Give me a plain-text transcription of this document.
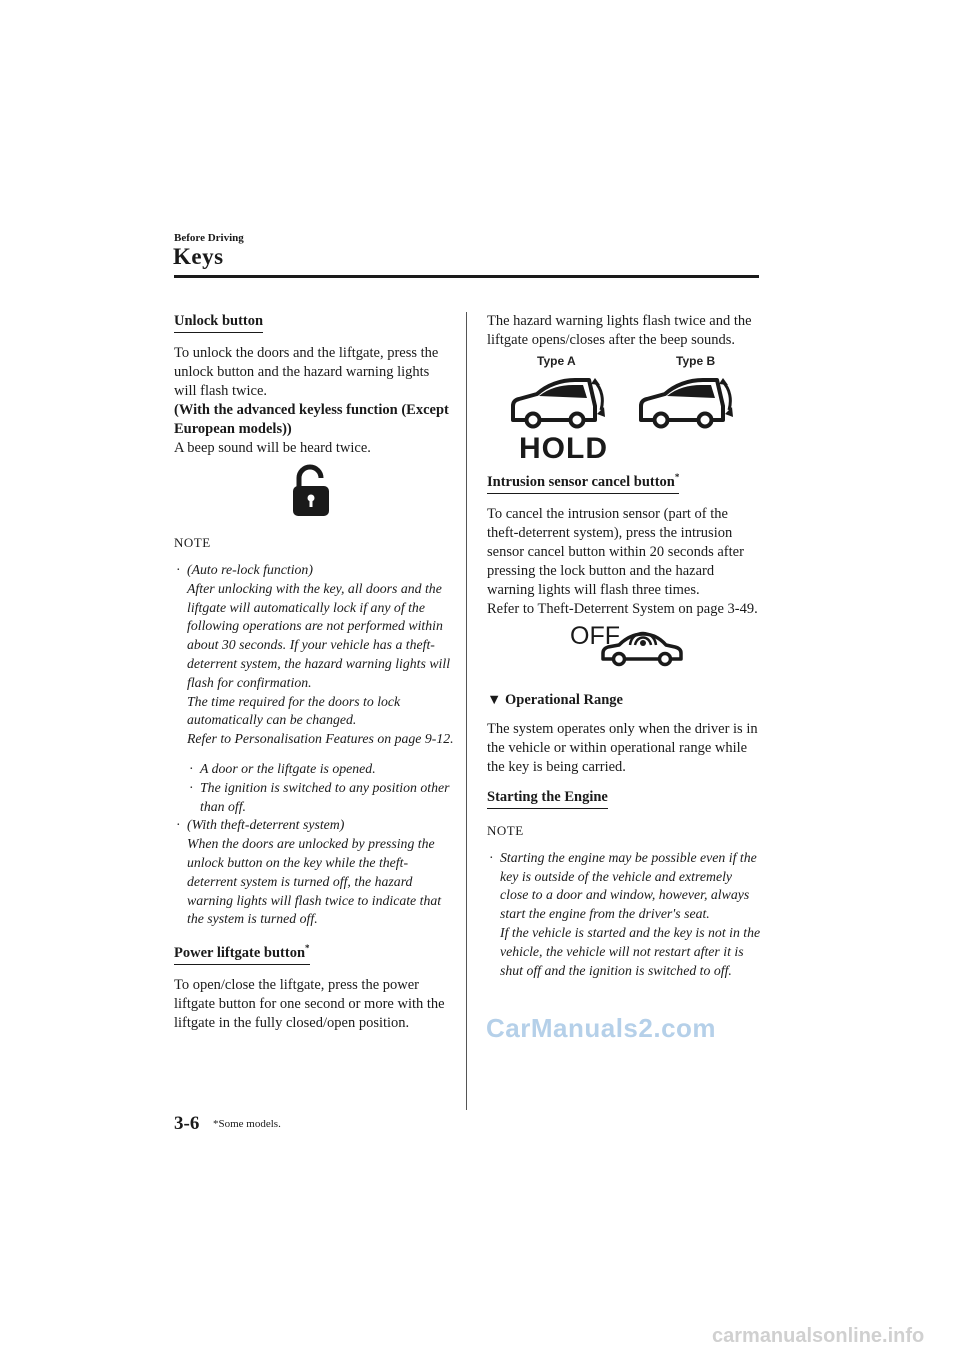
Before Driving
Keys
Unlock button

To unlock the doors and the liftgate, press the unlock button and the hazard warning lights will flash twice.

(With the advanced keyless function (Except European models))

A beep sound will be heard twice.

NOTE
· (Auto re-lock function)
After unlocking with the key, all doors and the liftgate will automatically lock if any of the following operations are not performed within about 30 seconds. If your vehicle has a theft-deterrent system, the hazard warning lights will flash for confirmation.
The time required for the doors to lock automatically can be changed.
Refer to Personalisation Features on page 9-12.
· A door or the liftgate is opened.
· The ignition is switched to any position other than off.
· (With theft-deterrent system)
When the doors are unlocked by pressing the unlock button on the key while the theft-deterrent system is turned off, the hazard warning lights will flash twice to indicate that the system is turned off.
Power liftgate button*

To open/close the liftgate, press the power liftgate button for one second or more with the liftgate in the fully closed/open position.

The hazard warning lights flash twice and the liftgate opens/closes after the beep sounds.

Type A	Type B
HOLD
Intrusion sensor cancel button*

To cancel the intrusion sensor (part of the theft-deterrent system), press the intrusion sensor cancel button within 20 seconds after pressing the lock button and the hazard warning lights will flash three times.

Refer to Theft-Deterrent System on page 3-49.

OFF
▼ Operational Range

The system operates only when the driver is in the vehicle or within operational range while the key is being carried.

Starting the Engine
NOTE
· Starting the engine may be possible even if the key is outside of the vehicle and extremely close to a door and window, however, always start the engine from the driver's seat.
If the vehicle is started and the key is not in the vehicle, the vehicle will not restart after it is shut off and the ignition is switched to off.
CarManuals2.com
3-6 *Some models.
carmanualsonline.info
